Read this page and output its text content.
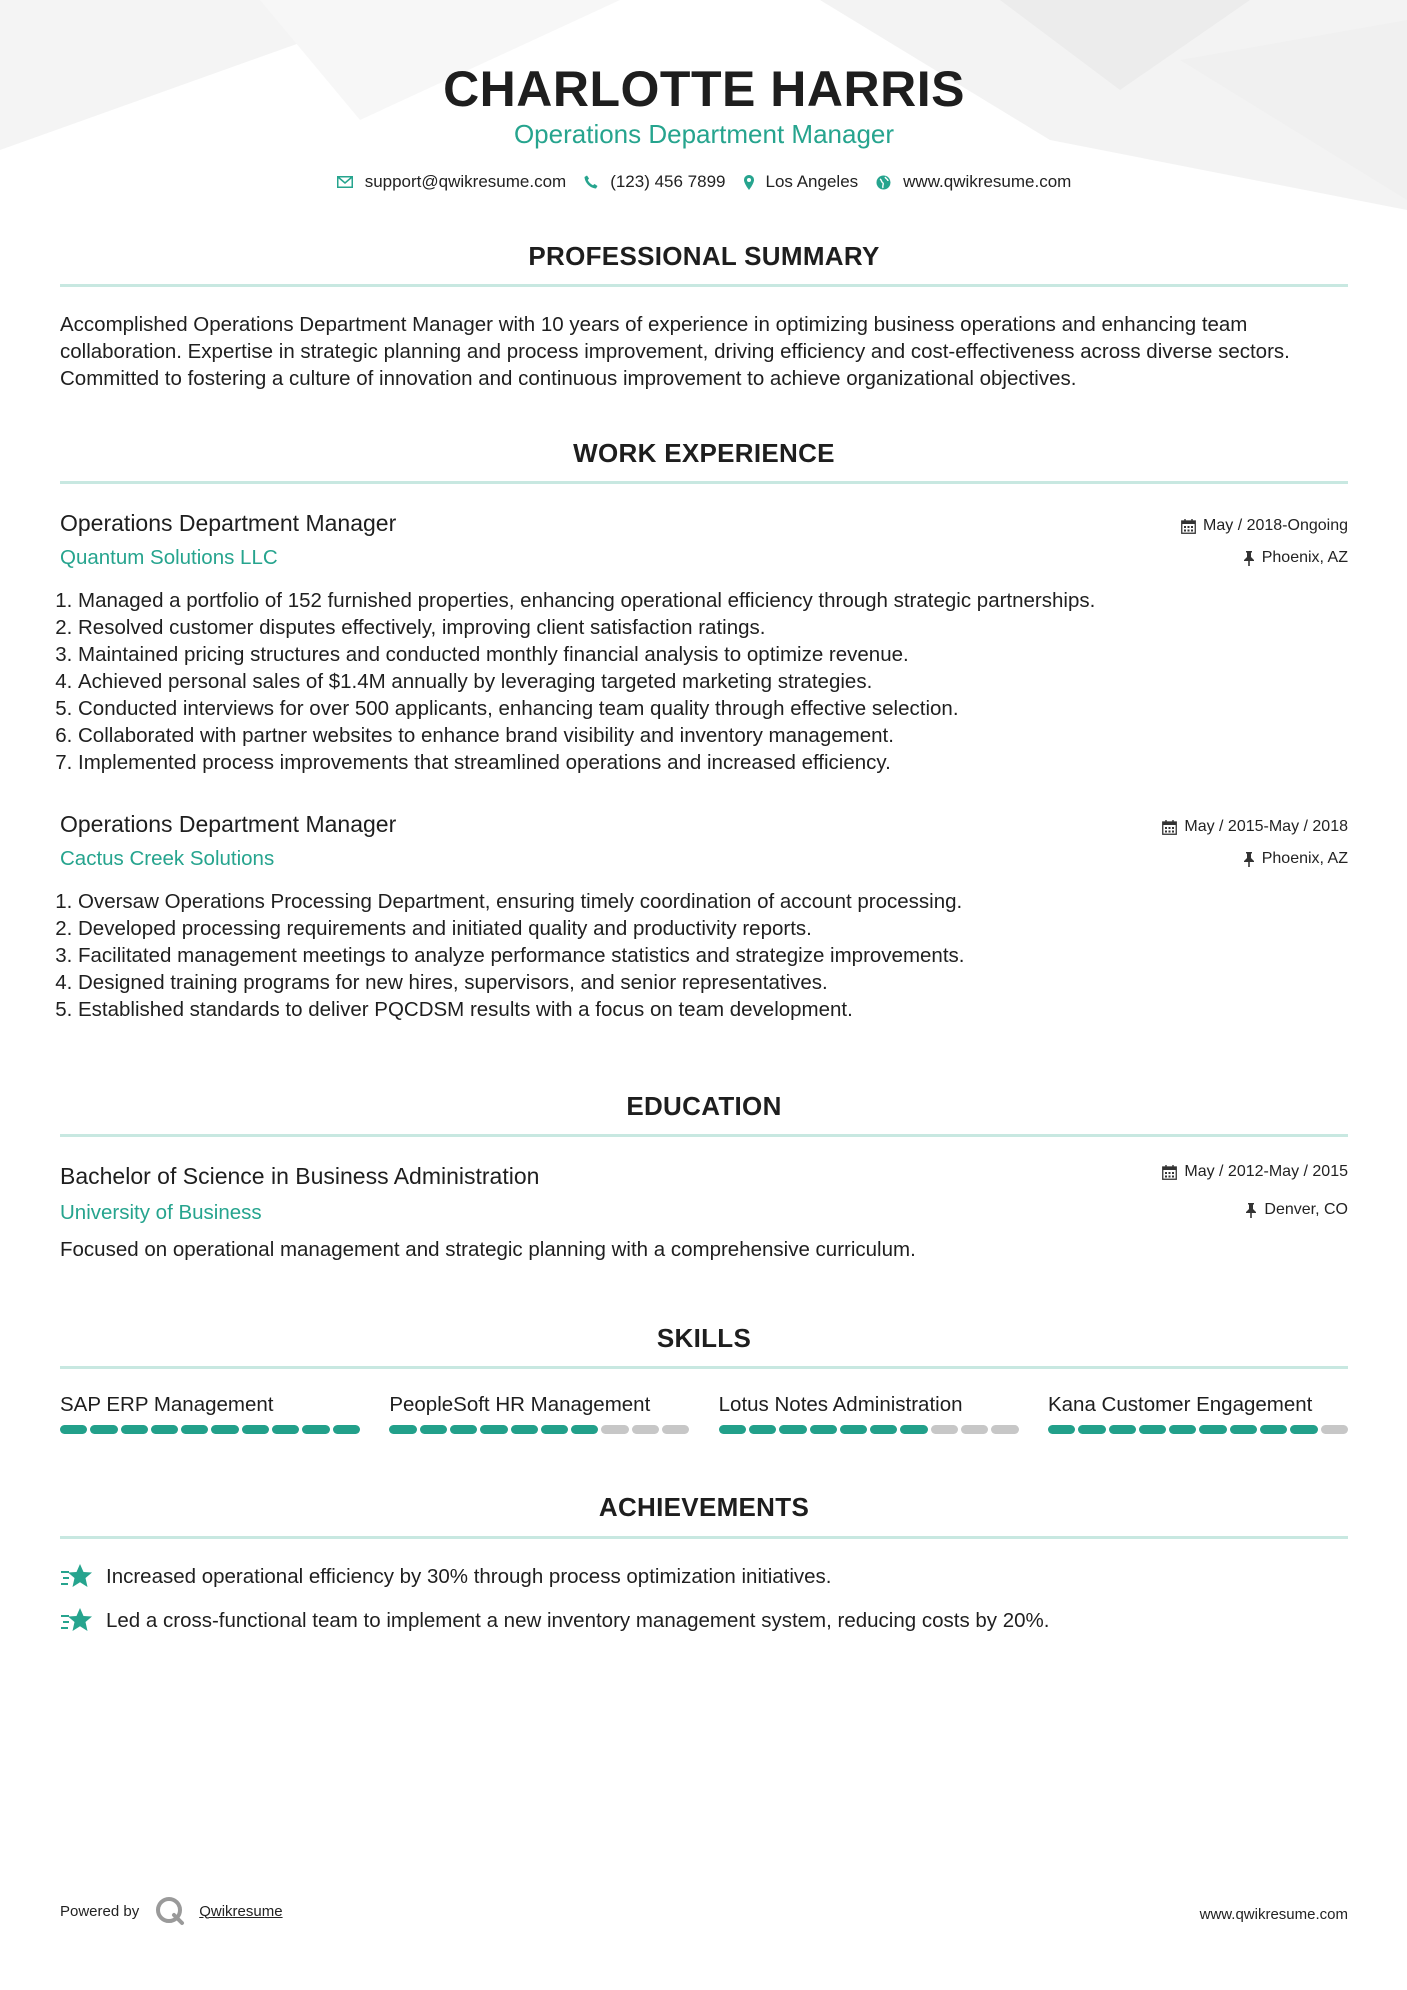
CHARLOTTE HARRIS
Operations Department Manager
support@qwikresume.com	(123) 456 7899 Los Angeles	www.qwikresume.com
PROFESSIONAL SUMMARY
Accomplished Operations Department Manager with 10 years of experience in optimizing business operations and enhancing team collaboration. Expertise in strategic planning and process improvement, driving efficiency and cost-effectiveness across diverse sectors. Committed to fostering a culture of innovation and continuous improvement to achieve organizational objectives.
WORK EXPERIENCE
Operations Department Manager
Quantum Solutions LLC
May / 2018-Ongoing
Phoenix, AZ
1. Managed a portfolio of 152 furnished properties, enhancing operational efficiency through strategic partnerships.
2. Resolved customer disputes effectively, improving client satisfaction ratings.
3. Maintained pricing structures and conducted monthly financial analysis to optimize revenue.
4. Achieved personal sales of $1.4M annually by leveraging targeted marketing strategies.
5. Conducted interviews for over 500 applicants, enhancing team quality through effective selection.
6. Collaborated with partner websites to enhance brand visibility and inventory management.
7. Implemented process improvements that streamlined operations and increased efficiency.
Operations Department Manager
Cactus Creek Solutions
May / 2015-May / 2018
Phoenix, AZ
1. Oversaw Operations Processing Department, ensuring timely coordination of account processing.
2. Developed processing requirements and initiated quality and productivity reports.
3. Facilitated management meetings to analyze performance statistics and strategize improvements.
4. Designed training programs for new hires, supervisors, and senior representatives.
5. Established standards to deliver PQCDSM results with a focus on team development.
EDUCATION
Bachelor of Science in Business Administration
University of Business
May / 2012-May / 2015
Denver, CO
Focused on operational management and strategic planning with a comprehensive curriculum.
SKILLS
SAP ERP Management	PeopleSoft HR Management	Lotus Notes Administration	Kana Customer Engagement
ACHIEVEMENTS
Increased operational efficiency by 30% through process optimization initiatives.
Led a cross-functional team to implement a new inventory management system, reducing costs by 20%.
Powered by	Qwikresume	www.qwikresume.com
